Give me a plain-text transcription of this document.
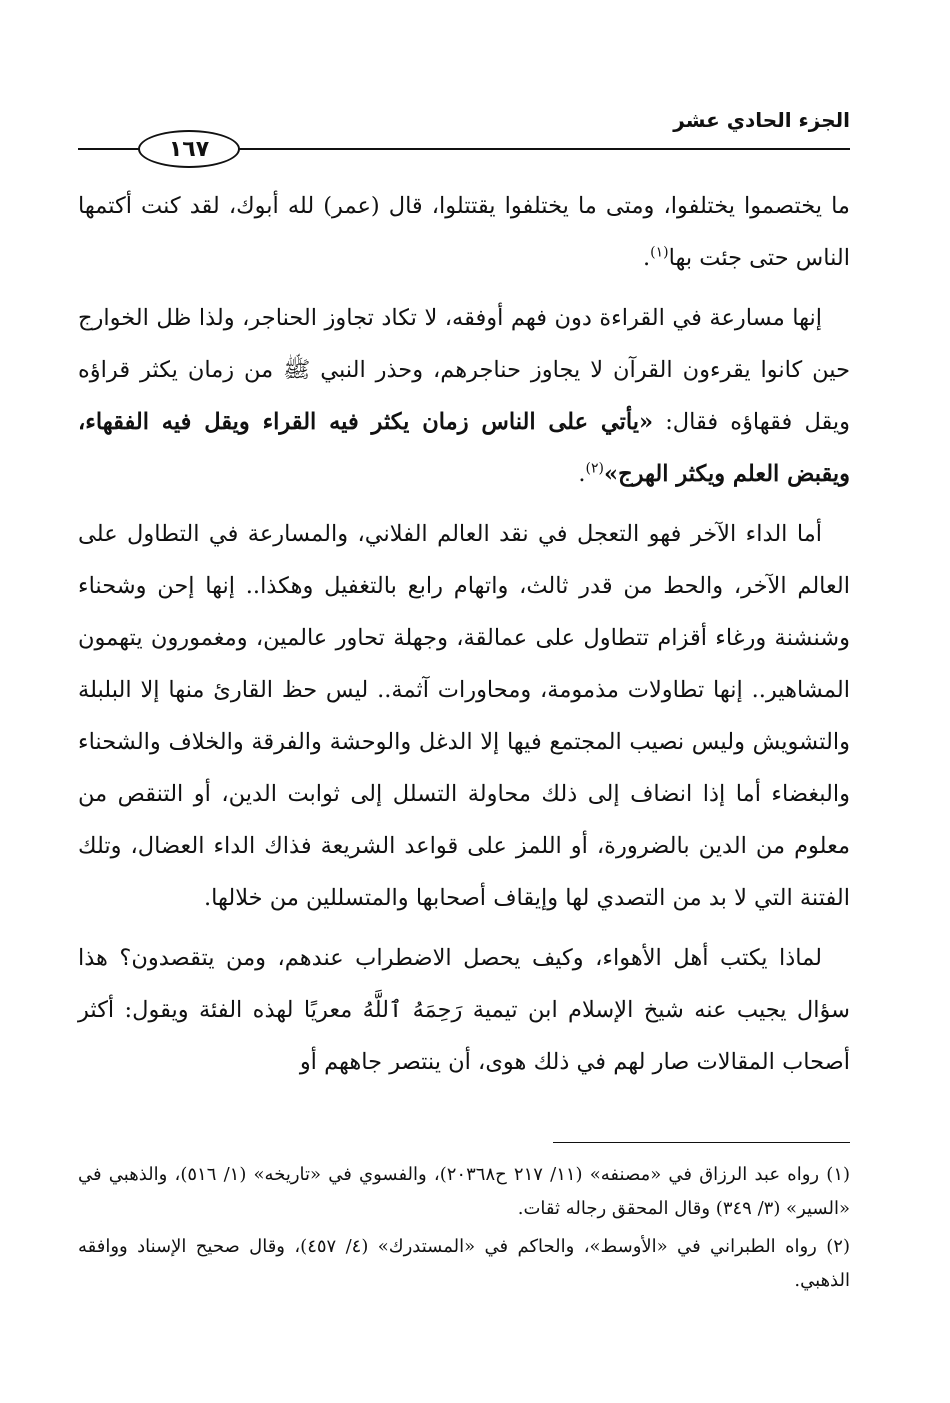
الجزء الحادي عشر
١٦٧

ما يختصموا يختلفوا، ومتى ما يختلفوا يقتتلوا، قال (عمر) لله أبوك، لقد كنت أكتمها الناس حتى جئت بها$^{(١)}$.

إنها مسارعة في القراءة دون فهم أوفقه، لا تكاد تجاوز الحناجر، ولذا ظل الخوارج حين كانوا يقرءون القرآن لا يجاوز حناجرهم، وحذر النبي ﷺ من زمان يكثر قراؤه ويقل فقهاؤه فقال: «يأتي على الناس زمان يكثر فيه القراء ويقل فيه الفقهاء، ويقبض العلم ويكثر الهرج»$^{(٢)}$.

أما الداء الآخر فهو التعجل في نقد العالم الفلاني، والمسارعة في التطاول على العالم الآخر، والحط من قدر ثالث، واتهام رابع بالتغفيل وهكذا.. إنها إحن وشحناء وشنشنة ورغاء أقزام تتطاول على عمالقة، وجهلة تحاور عالمين، ومغمورون يتهمون المشاهير.. إنها تطاولات مذمومة، ومحاورات آثمة.. ليس حظ القارئ منها إلا البلبلة والتشويش وليس نصيب المجتمع فيها إلا الدغل والوحشة والفرقة والخلاف والشحناء والبغضاء أما إذا انضاف إلى ذلك محاولة التسلل إلى ثوابت الدين، أو التنقص من معلوم من الدين بالضرورة، أو اللمز على قواعد الشريعة فذاك الداء العضال، وتلك الفتنة التي لا بد من التصدي لها وإيقاف أصحابها والمتسللين من خلالها.

لماذا يكتب أهل الأهواء، وكيف يحصل الاضطراب عندهم، ومن يتقصدون؟ هذا سؤال يجيب عنه شيخ الإسلام ابن تيمية رَحِمَهُ ٱللَّهُ معريًا لهذه الفئة ويقول: أكثر أصحاب المقالات صار لهم في ذلك هوى، أن ينتصر جاههم أو

(١) رواه عبد الرزاق في «مصنفه» (١١/ ٢١٧ ح٢٠٣٦٨)، والفسوي في «تاريخه» (١/ ٥١٦)، والذهبي في «السير» (٣/ ٣٤٩) وقال المحقق رجاله ثقات.

(٢) رواه الطبراني في «الأوسط»، والحاكم في «المستدرك» (٤/ ٤٥٧)، وقال صحيح الإسناد ووافقه الذهبي.
